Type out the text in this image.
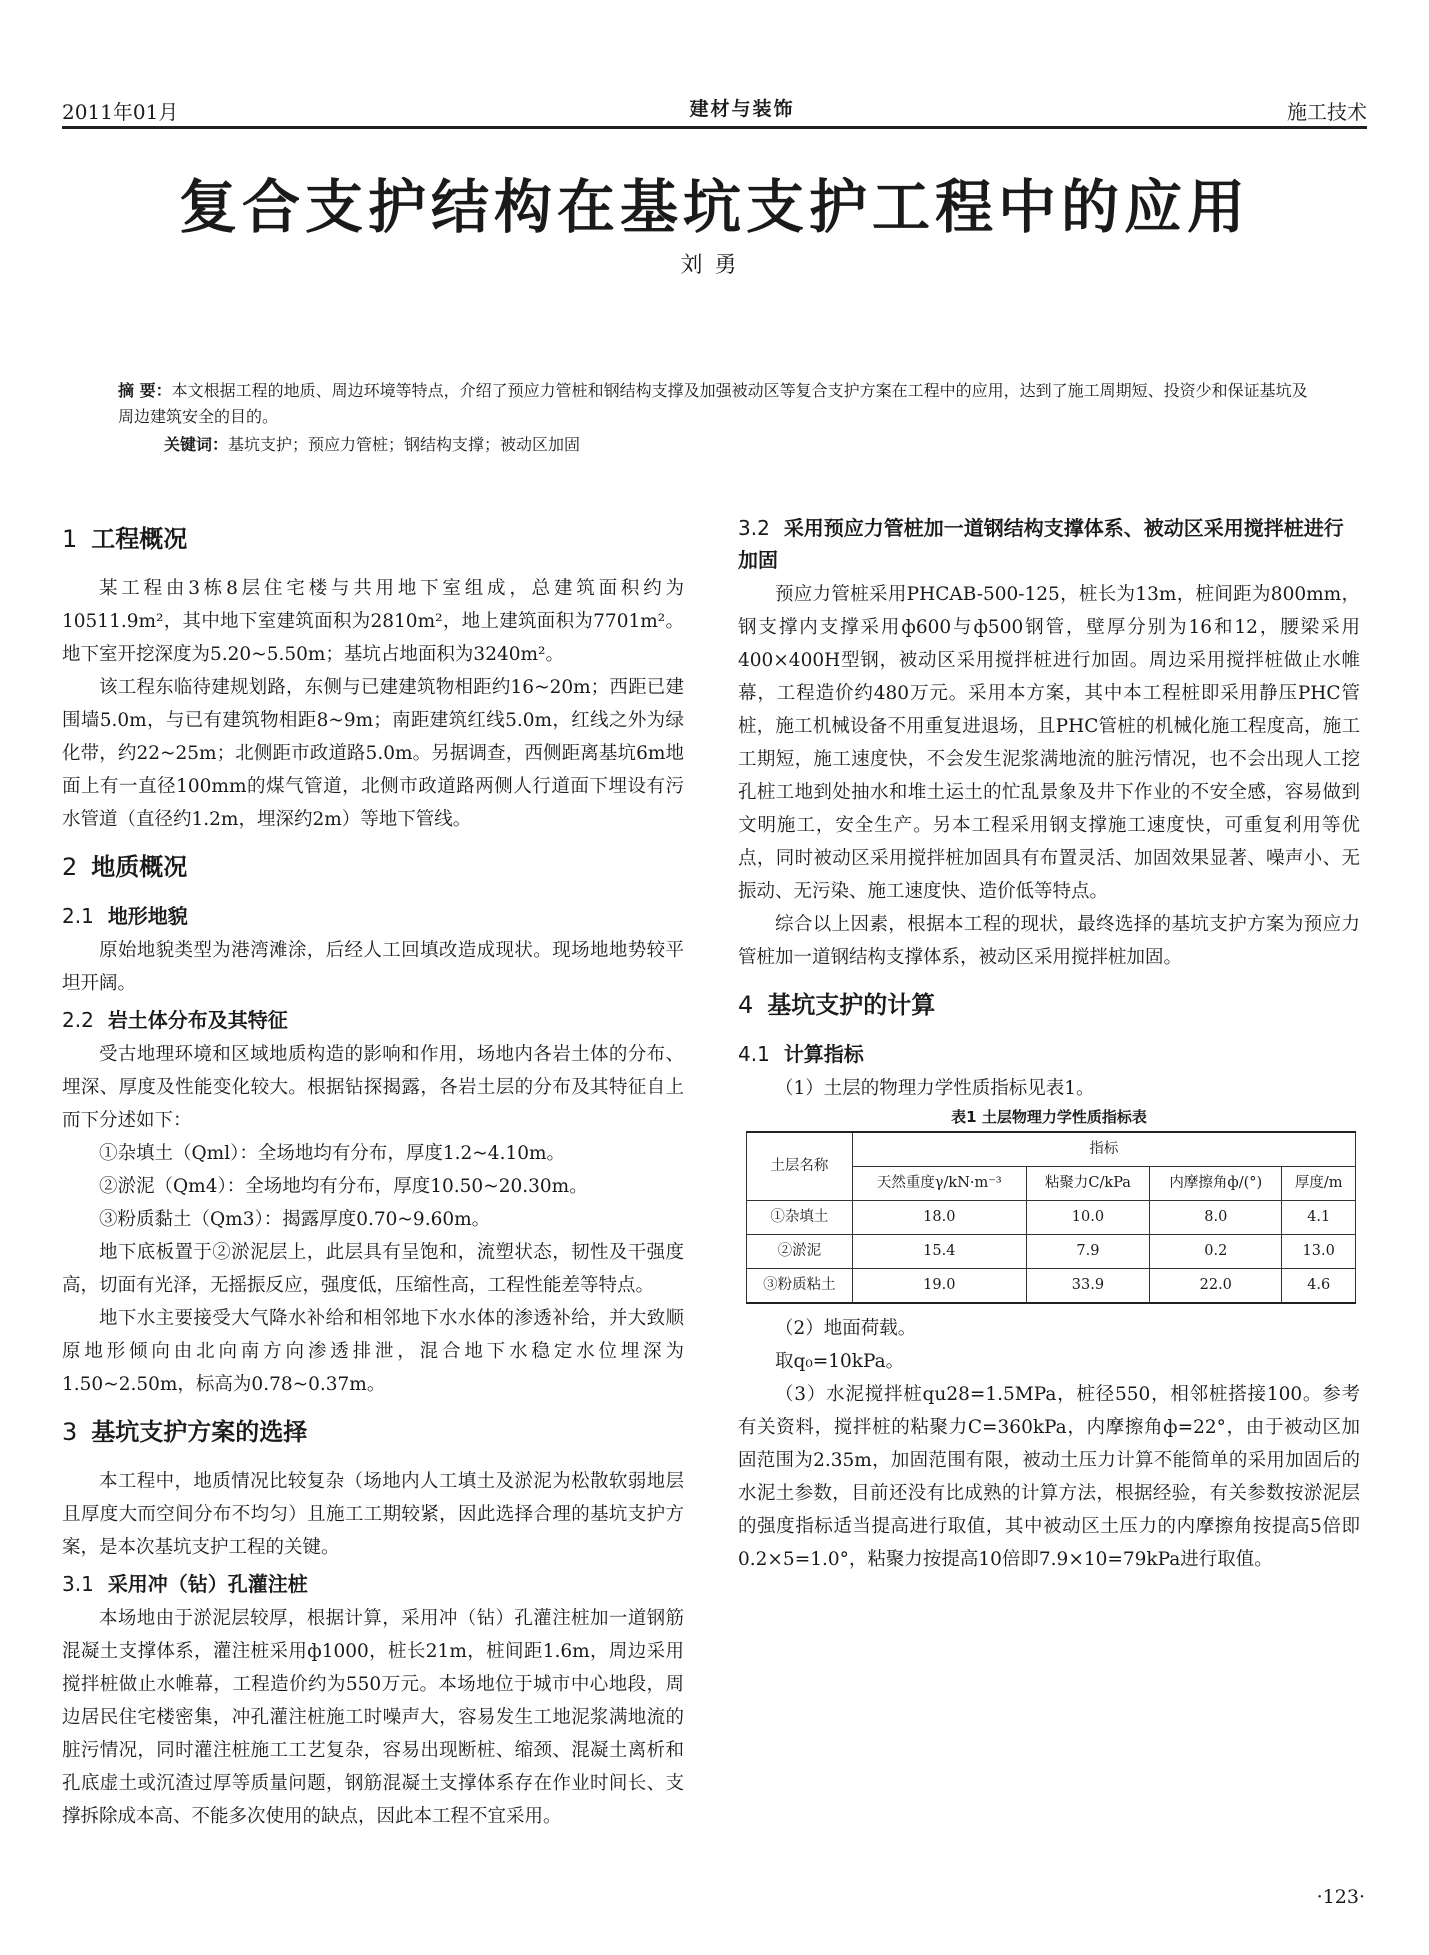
2011年01月	建材与装饰	施工技术
复合支护结构在基坑支护工程中的应用
刘勇

摘 要：本文根据工程的地质、周边环境等特点，介绍了预应力管桩和钢结构支撑及加强被动区等复合支护方案在工程中的应用，达到了施工周期短、投资少和保证基坑及周边建筑安全的目的。

关键词：基坑支护；预应力管桩；钢结构支撑；被动区加固

1 工程概况

某工程由3栋8层住宅楼与共用地下室组成，总建筑面积约为10511.9m²，其中地下室建筑面积为2810m²，地上建筑面积为7701m²。地下室开挖深度为5.20~5.50m；基坑占地面积为3240m²。

该工程东临待建规划路，东侧与已建建筑物相距约16~20m；西距已建围墙5.0m，与已有建筑物相距8~9m；南距建筑红线5.0m，红线之外为绿化带，约22~25m；北侧距市政道路5.0m。另据调查，西侧距离基坑6m地面上有一直径100mm的煤气管道，北侧市政道路两侧人行道面下埋设有污水管道（直径约1.2m，埋深约2m）等地下管线。

2 地质概况
2.1 地形地貌

原始地貌类型为港湾滩涂，后经人工回填改造成现状。现场地地势较平坦开阔。

2.2 岩土体分布及其特征

受古地理环境和区域地质构造的影响和作用，场地内各岩土体的分布、埋深、厚度及性能变化较大。根据钻探揭露，各岩土层的分布及其特征自上而下分述如下：

①杂填土（Qml）：全场地均有分布，厚度1.2~4.10m。

②淤泥（Qm4）：全场地均有分布，厚度10.50~20.30m。

③粉质黏土（Qm3）：揭露厚度0.70~9.60m。

地下底板置于②淤泥层上，此层具有呈饱和，流塑状态，韧性及干强度高，切面有光泽，无摇振反应，强度低，压缩性高，工程性能差等特点。

地下水主要接受大气降水补给和相邻地下水水体的渗透补给，并大致顺原地形倾向由北向南方向渗透排泄，混合地下水稳定水位埋深为1.50~2.50m，标高为0.78~0.37m。

3 基坑支护方案的选择

本工程中，地质情况比较复杂（场地内人工填土及淤泥为松散软弱地层且厚度大而空间分布不均匀）且施工工期较紧，因此选择合理的基坑支护方案，是本次基坑支护工程的关键。

3.1 采用冲（钻）孔灌注桩

本场地由于淤泥层较厚，根据计算，采用冲（钻）孔灌注桩加一道钢筋混凝土支撑体系，灌注桩采用ф1000，桩长21m，桩间距1.6m，周边采用搅拌桩做止水帷幕，工程造价约为550万元。本场地位于城市中心地段，周边居民住宅楼密集，冲孔灌注桩施工时噪声大，容易发生工地泥浆满地流的脏污情况，同时灌注桩施工工艺复杂，容易出现断桩、缩颈、混凝土离析和孔底虚土或沉渣过厚等质量问题，钢筋混凝土支撑体系存在作业时间长、支撑拆除成本高、不能多次使用的缺点，因此本工程不宜采用。

3.2 采用预应力管桩加一道钢结构支撑体系、被动区采用搅拌桩进行加固

预应力管桩采用PHCAB-500-125，桩长为13m，桩间距为800mm，钢支撑内支撑采用ф600与ф500钢管，壁厚分别为16和12，腰梁采用400×400H型钢，被动区采用搅拌桩进行加固。周边采用搅拌桩做止水帷幕，工程造价约480万元。采用本方案，其中本工程桩即采用静压PHC管桩，施工机械设备不用重复进退场，且PHC管桩的机械化施工程度高，施工工期短，施工速度快，不会发生泥浆满地流的脏污情况，也不会出现人工挖孔桩工地到处抽水和堆土运土的忙乱景象及井下作业的不安全感，容易做到文明施工，安全生产。另本工程采用钢支撑施工速度快，可重复利用等优点，同时被动区采用搅拌桩加固具有布置灵活、加固效果显著、噪声小、无振动、无污染、施工速度快、造价低等特点。

综合以上因素，根据本工程的现状，最终选择的基坑支护方案为预应力管桩加一道钢结构支撑体系，被动区采用搅拌桩加固。

4 基坑支护的计算
4.1 计算指标

（1）土层的物理力学性质指标见表1。

表1 土层物理力学性质指标表
土层名称	指标			
	天然重度γ/kN·m⁻³	粘聚力C/kPa	内摩擦角ф/(°)	厚度/m
①杂填土	18.0	10.0	8.0	4.1
②淤泥	15.4	7.9	0.2	13.0
③粉质粘土	19.0	33.9	22.0	4.6

（2）地面荷载。

取q₀=10kPa。

（3）水泥搅拌桩qu28=1.5MPa，桩径550，相邻桩搭接100。参考有关资料，搅拌桩的粘聚力C=360kPa，内摩擦角ф=22°，由于被动区加固范围为2.35m，加固范围有限，被动土压力计算不能简单的采用加固后的水泥土参数，目前还没有比成熟的计算方法，根据经验，有关参数按淤泥层的强度指标适当提高进行取值，其中被动区土压力的内摩擦角按提高5倍即0.2×5=1.0°，粘聚力按提高10倍即7.9×10=79kPa进行取值。

·123·
